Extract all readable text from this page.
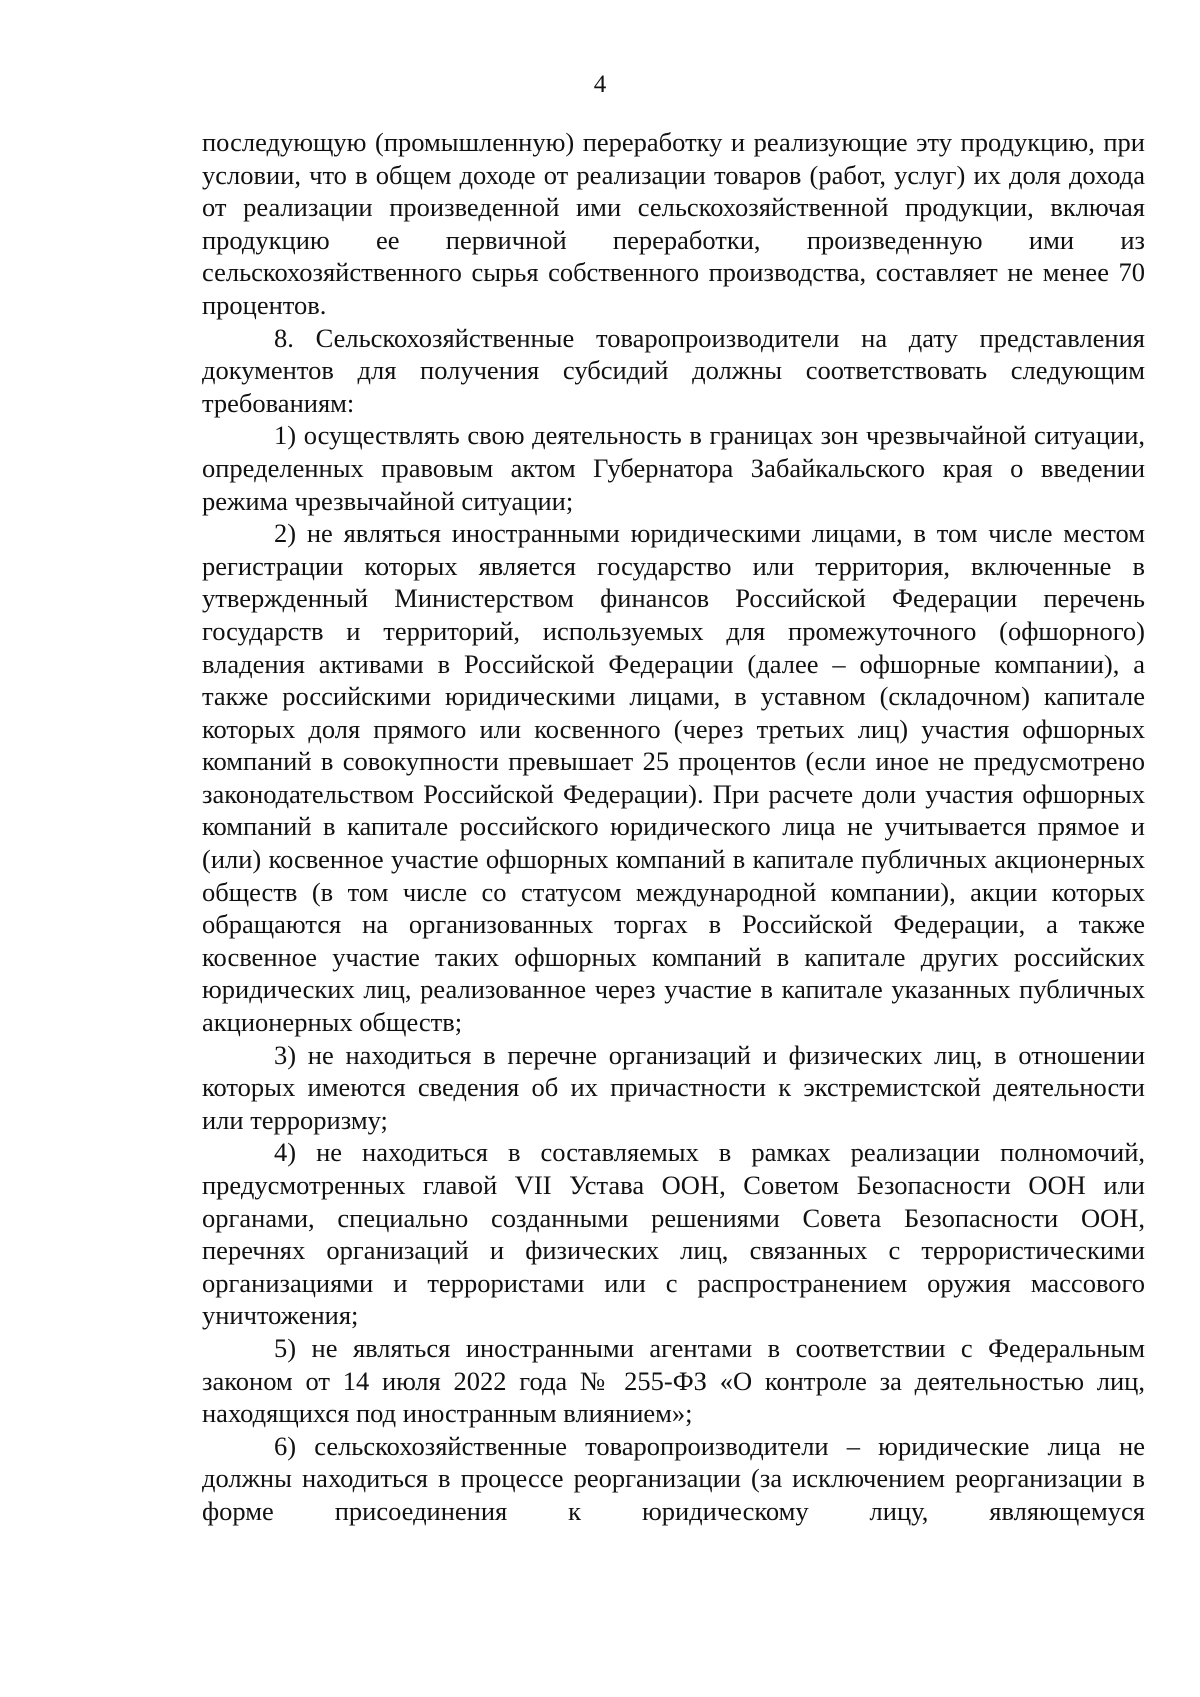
4

последующую (промышленную) переработку и реализующие эту продукцию, при условии, что в общем доходе от реализации товаров (работ, услуг) их доля дохода от реализации произведенной ими сельскохозяйственной продукции, включая продукцию ее первичной переработки, произведенную ими из сельскохозяйственного сырья собственного производства, составляет не менее 70 процентов.

8. Сельскохозяйственные товаропроизводители на дату представления документов для получения субсидий должны соответствовать следующим требованиям:

1) осуществлять свою деятельность в границах зон чрезвычайной ситуации, определенных правовым актом Губернатора Забайкальского края о введении режима чрезвычайной ситуации;

2) не являться иностранными юридическими лицами, в том числе местом регистрации которых является государство или территория, включенные в утвержденный Министерством финансов Российской Федерации перечень государств и территорий, используемых для промежуточного (офшорного) владения активами в Российской Федерации (далее – офшорные компании), а также российскими юридическими лицами, в уставном (складочном) капитале которых доля прямого или косвенного (через третьих лиц) участия офшорных компаний в совокупности превышает 25 процентов (если иное не предусмотрено законодательством Российской Федерации). При расчете доли участия офшорных компаний в капитале российского юридического лица не учитывается прямое и (или) косвенное участие офшорных компаний в капитале публичных акционерных обществ (в том числе со статусом международной компании), акции которых обращаются на организованных торгах в Российской Федерации, а также косвенное участие таких офшорных компаний в капитале других российских юридических лиц, реализованное через участие в капитале указанных публичных акционерных обществ;

3) не находиться в перечне организаций и физических лиц, в отношении которых имеются сведения об их причастности к экстремистской деятельности или терроризму;

4) не находиться в составляемых в рамках реализации полномочий, предусмотренных главой VII Устава ООН, Советом Безопасности ООН или органами, специально созданными решениями Совета Безопасности ООН, перечнях организаций и физических лиц, связанных с террористическими организациями и террористами или с распространением оружия массового уничтожения;

5) не являться иностранными агентами в соответствии с Федеральным законом от 14 июля 2022 года № 255-ФЗ «О контроле за деятельностью лиц, находящихся под иностранным влиянием»;

6) сельскохозяйственные товаропроизводители – юридические лица не должны находиться в процессе реорганизации (за исключением реорганизации в форме присоединения к юридическому лицу, являющемуся
